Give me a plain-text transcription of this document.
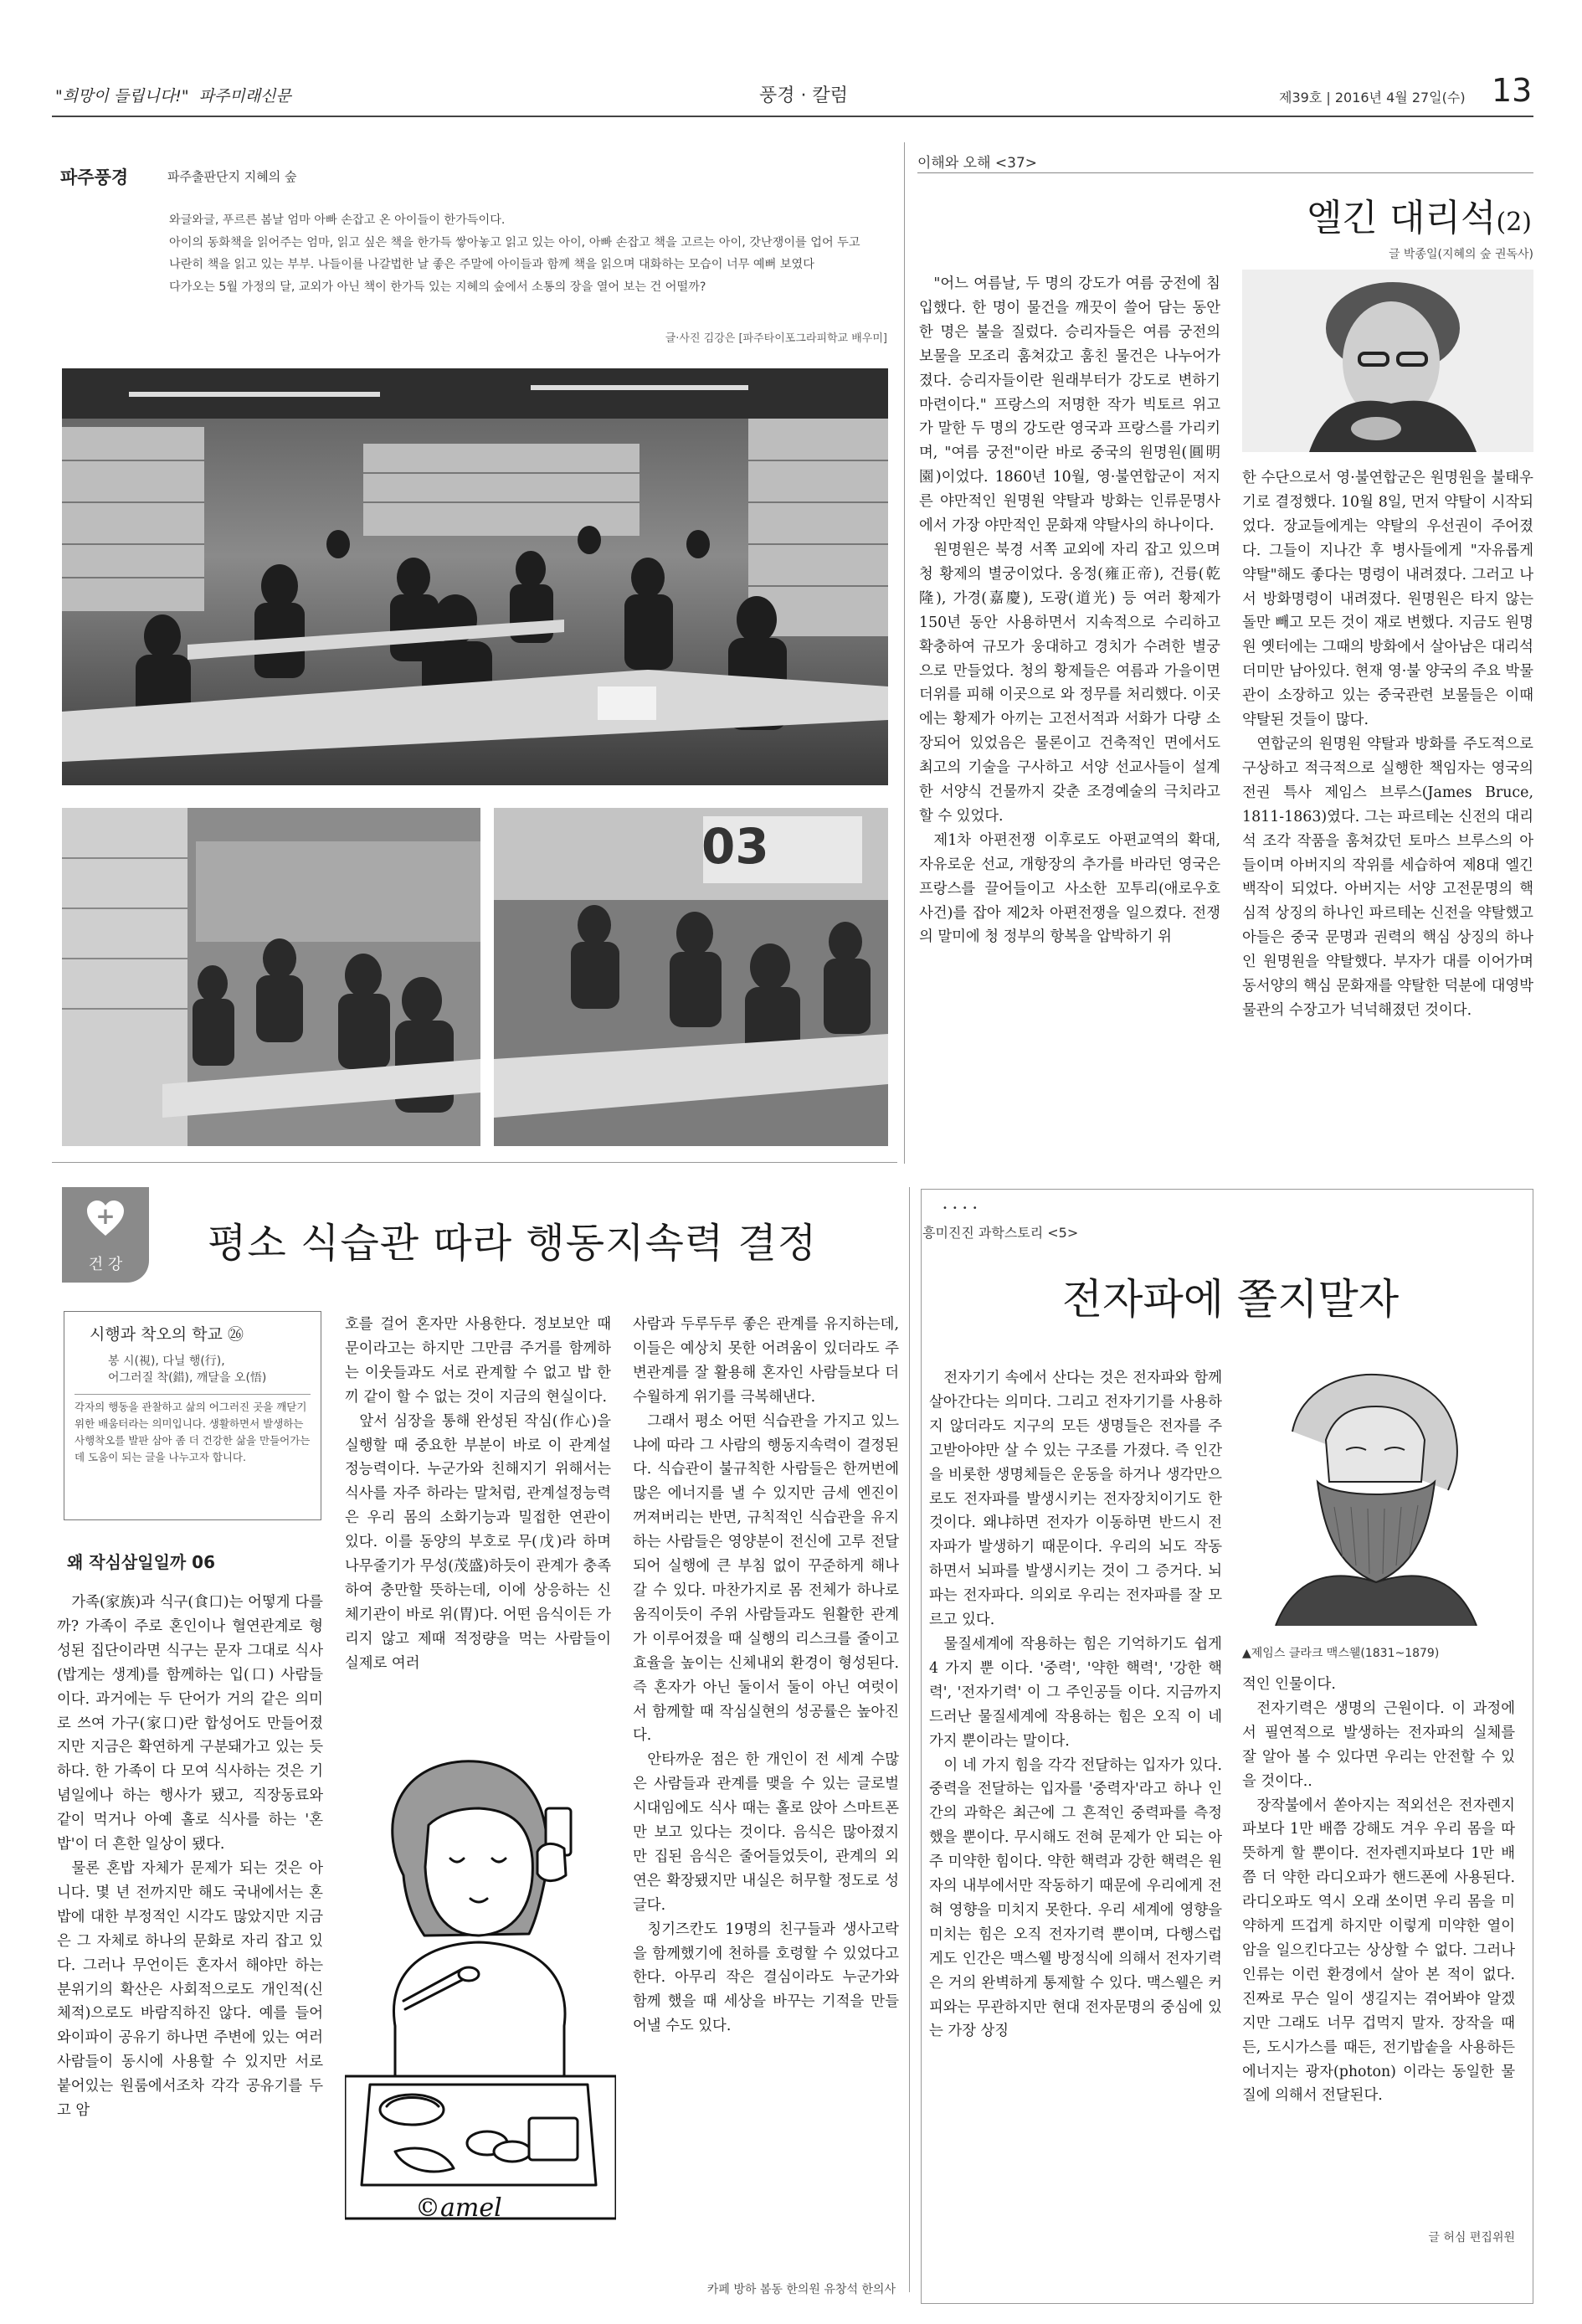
"희망이 들립니다!" 파주미래신문	풍경 · 칼럼	제39호 | 2016년 4월 27일(수) 13
파주풍경	파주출판단지 지혜의 숲
와글와글, 푸르른 봄날 엄마 아빠 손잡고 온 아이들이 한가득이다.
아이의 동화책을 읽어주는 엄마, 읽고 싶은 책을 한가득 쌓아놓고 읽고 있는 아이, 아빠 손잡고 책을 고르는 아이, 갓난쟁이를 업어 두고 나란히 책을 읽고 있는 부부. 나들이를 나갈법한 날 좋은 주말에 아이들과 함께 책을 읽으며 대화하는 모습이 너무 예뻐 보였다
다가오는 5월 가정의 달, 교외가 아닌 책이 한가득 있는 지혜의 숲에서 소통의 장을 열어 보는 건 어떨까?
글·사진 김강은 [파주타이포그라피학교 배우미]
03
이해와 오해 <37>
엘긴 대리석(2)
글 박종일(지혜의 숲 권독사)

"어느 여름날, 두 명의 강도가 여름 궁전에 침입했다. 한 명이 물건을 깨끗이 쓸어 담는 동안 한 명은 불을 질렀다. 승리자들은 여름 궁전의 보물을 모조리 훔쳐갔고 훔친 물건은 나누어가졌다. 승리자들이란 원래부터가 강도로 변하기 마련이다." 프랑스의 저명한 작가 빅토르 위고가 말한 두 명의 강도란 영국과 프랑스를 가리키며, "여름 궁전"이란 바로 중국의 원명원(圓明園)이었다. 1860년 10월, 영·불연합군이 저지른 야만적인 원명원 약탈과 방화는 인류문명사에서 가장 야만적인 문화재 약탈사의 하나이다.

원명원은 북경 서쪽 교외에 자리 잡고 있으며 청 황제의 별궁이었다. 옹정(雍正帝), 건륭(乾隆), 가경(嘉慶), 도광(道光) 등 여러 황제가 150년 동안 사용하면서 지속적으로 수리하고 확충하여 규모가 웅대하고 경치가 수려한 별궁으로 만들었다. 청의 황제들은 여름과 가을이면 더위를 피해 이곳으로 와 정무를 처리했다. 이곳에는 황제가 아끼는 고전서적과 서화가 다량 소장되어 있었음은 물론이고 건축적인 면에서도 최고의 기술을 구사하고 서양 선교사들이 설계한 서양식 건물까지 갖춘 조경예술의 극치라고 할 수 있었다.

제1차 아편전쟁 이후로도 아편교역의 확대, 자유로운 선교, 개항장의 추가를 바라던 영국은 프랑스를 끌어들이고 사소한 꼬투리(애로우호 사건)를 잡아 제2차 아편전쟁을 일으켰다. 전쟁의 말미에 청 정부의 항복을 압박하기 위

한 수단으로서 영·불연합군은 원명원을 불태우기로 결정했다. 10월 8일, 먼저 약탈이 시작되었다. 장교들에게는 약탈의 우선권이 주어졌다. 그들이 지나간 후 병사들에게 "자유롭게 약탈"해도 좋다는 명령이 내려졌다. 그러고 나서 방화명령이 내려졌다. 원명원은 타지 않는 돌만 빼고 모든 것이 재로 변했다. 지금도 원명원 옛터에는 그때의 방화에서 살아남은 대리석 더미만 남아있다. 현재 영·불 양국의 주요 박물관이 소장하고 있는 중국관련 보물들은 이때 약탈된 것들이 많다.

연합군의 원명원 약탈과 방화를 주도적으로 구상하고 적극적으로 실행한 책임자는 영국의 전권 특사 제임스 브루스(James Bruce, 1811-1863)였다. 그는 파르테논 신전의 대리석 조각 작품을 훔쳐갔던 토마스 브루스의 아들이며 아버지의 작위를 세습하여 제8대 엘긴백작이 되었다. 아버지는 서양 고전문명의 핵심적 상징의 하나인 파르테논 신전을 약탈했고 아들은 중국 문명과 권력의 핵심 상징의 하나인 원명원을 약탈했다. 부자가 대를 이어가며 동서양의 핵심 문화재를 약탈한 덕분에 대영박물관의 수장고가 넉넉해졌던 것이다.

+
건 강	평소 식습관 따라 행동지속력 결정
시행과 착오의 학교 ㉖
봉 시(視), 다닐 행(行),
어그러질 착(錯), 깨달을 오(悟)
각자의 행동을 관찰하고 삶의 어그러진 곳을 깨닫기 위한 배움터라는 의미입니다. 생활하면서 발생하는 사행착오를 발판 삼아 좀 더 건강한 삶을 만들어가는데 도움이 되는 글을 나누고자 합니다.
왜 작심삼일일까 06

가족(家族)과 식구(食口)는 어떻게 다를까? 가족이 주로 혼인이나 혈연관계로 형성된 집단이라면 식구는 문자 그대로 식사(밥게는 생계)를 함께하는 입(口) 사람들이다. 과거에는 두 단어가 거의 같은 의미로 쓰여 가구(家口)란 합성어도 만들어졌지만 지금은 확연하게 구분돼가고 있는 듯하다. 한 가족이 다 모여 식사하는 것은 기념일에나 하는 행사가 됐고, 직장동료와 같이 먹거나 아예 홀로 식사를 하는 '혼밥'이 더 흔한 일상이 됐다.

물론 혼밥 자체가 문제가 되는 것은 아니다. 몇 년 전까지만 해도 국내에서는 혼밥에 대한 부정적인 시각도 많았지만 지금은 그 자체로 하나의 문화로 자리 잡고 있다. 그러나 무언이든 혼자서 해야만 하는 분위기의 확산은 사회적으로도 개인적(신체적)으로도 바람직하진 않다. 예를 들어 와이파이 공유기 하나면 주변에 있는 여러 사람들이 동시에 사용할 수 있지만 서로 붙어있는 원룸에서조차 각각 공유기를 두고 암

호를 걸어 혼자만 사용한다. 정보보안 때문이라고는 하지만 그만큼 주거를 함께하는 이웃들과도 서로 관계할 수 없고 밥 한 끼 같이 할 수 없는 것이 지금의 현실이다.

앞서 심장을 통해 완성된 작심(作心)을 실행할 때 중요한 부분이 바로 이 관계설정능력이다. 누군가와 친해지기 위해서는 식사를 자주 하라는 말처럼, 관계설정능력은 우리 몸의 소화기능과 밀접한 연관이 있다. 이를 동양의 부호로 무(戊)라 하며 나무줄기가 무성(茂盛)하듯이 관계가 충족하여 충만할 뜻하는데, 이에 상응하는 신체기관이 바로 위(胃)다. 어떤 음식이든 가리지 않고 제때 적정량을 먹는 사람들이 실제로 여러

사람과 두루두루 좋은 관계를 유지하는데, 이들은 예상치 못한 어려움이 있더라도 주변관계를 잘 활용해 혼자인 사람들보다 더 수월하게 위기를 극복해낸다.

그래서 평소 어떤 식습관을 가지고 있느냐에 따라 그 사람의 행동지속력이 결정된다. 식습관이 불규칙한 사람들은 한꺼번에 많은 에너지를 낼 수 있지만 금세 엔진이 꺼져버리는 반면, 규칙적인 식습관을 유지하는 사람들은 영양분이 전신에 고루 전달되어 실행에 큰 부침 없이 꾸준하게 해나갈 수 있다. 마찬가지로 몸 전체가 하나로 움직이듯이 주위 사람들과도 원활한 관계가 이루어졌을 때 실행의 리스크를 줄이고 효율을 높이는 신체내외 환경이 형성된다. 즉 혼자가 아닌 둘이서 둘이 아닌 여럿이서 함께할 때 작심실현의 성공률은 높아진다.

안타까운 점은 한 개인이 전 세계 수많은 사람들과 관계를 맺을 수 있는 글로벌 시대임에도 식사 때는 홀로 앉아 스마트폰만 보고 있다는 것이다. 음식은 많아졌지만 집된 음식은 줄어들었듯이, 관계의 외연은 확장됐지만 내실은 허무할 정도로 성글다.

칭기즈칸도 19명의 친구들과 생사고락을 함께했기에 천하를 호령할 수 있었다고 한다. 아무리 작은 결심이라도 누군가와 함께 했을 때 세상을 바꾸는 기적을 만들어낼 수도 있다.

©amel
카페 방하 봄동 한의원 유창석 한의사
••••
흥미진진 과학스토리 <5>
전자파에 쫄지말자
▲제임스 클라크 맥스웰(1831~1879)

전자기기 속에서 산다는 것은 전자파와 함께 살아간다는 의미다. 그리고 전자기기를 사용하지 않더라도 지구의 모든 생명들은 전자를 주고받아야만 살 수 있는 구조를 가졌다. 즉 인간을 비롯한 생명체들은 운동을 하거나 생각만으로도 전자파를 발생시키는 전자장치이기도 한 것이다. 왜냐하면 전자가 이동하면 반드시 전자파가 발생하기 때문이다. 우리의 뇌도 작동하면서 뇌파를 발생시키는 것이 그 증거다. 뇌파는 전자파다. 의외로 우리는 전자파를 잘 모르고 있다.

물질세계에 작용하는 힘은 기억하기도 쉽게 4 가지 뿐 이다. '중력', '약한 핵력', '강한 핵력', '전자기력' 이 그 주인공들 이다. 지금까지 드러난 물질세계에 작용하는 힘은 오직 이 네 가지 뿐이라는 말이다.

이 네 가지 힘을 각각 전달하는 입자가 있다. 중력을 전달하는 입자를 '중력자'라고 하나 인간의 과학은 최근에 그 흔적인 중력파를 측정했을 뿐이다. 무시해도 전혀 문제가 안 되는 아주 미약한 힘이다. 약한 핵력과 강한 핵력은 원자의 내부에서만 작동하기 때문에 우리에게 전혀 영향을 미치지 못한다. 우리 세계에 영향을 미치는 힘은 오직 전자기력 뿐이며, 다행스럽게도 인간은 맥스웰 방정식에 의해서 전자기력은 거의 완벽하게 통제할 수 있다. 맥스웰은 커피와는 무관하지만 현대 전자문명의 중심에 있는 가장 상징

적인 인물이다.

전자기력은 생명의 근원이다. 이 과정에서 필연적으로 발생하는 전자파의 실체를 잘 알아 볼 수 있다면 우리는 안전할 수 있을 것이다..

장작불에서 쏟아지는 적외선은 전자렌지파보다 1만 배쯤 강해도 겨우 우리 몸을 따뜻하게 할 뿐이다. 전자렌지파보다 1만 배쯤 더 약한 라디오파가 핸드폰에 사용된다. 라디오파도 역시 오래 쏘이면 우리 몸을 미약하게 뜨겁게 하지만 이렇게 미약한 열이 암을 일으킨다고는 상상할 수 없다. 그러나 인류는 이런 환경에서 살아 본 적이 없다. 진짜로 무슨 일이 생길지는 겪어봐야 알겠지만 그래도 너무 겁먹지 말자. 장작을 때든, 도시가스를 때든, 전기밥솥을 사용하든 에너지는 광자(photon) 이라는 동일한 물질에 의해서 전달된다.

글 허심 편집위원
